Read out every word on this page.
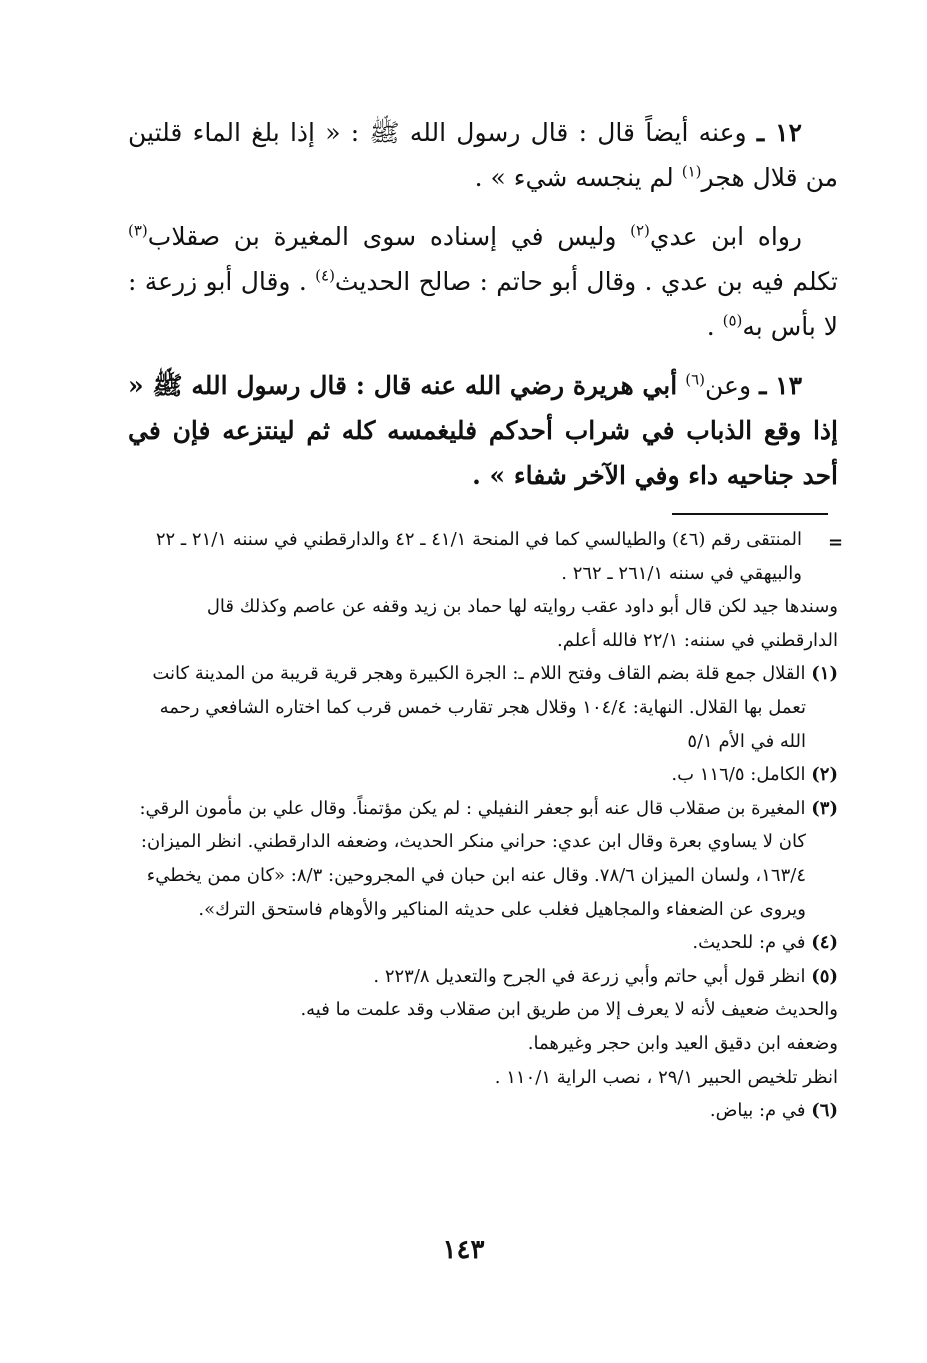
١٢ ـ وعنه أيضاً قال : قال رسول الله ﷺ : « إذا بلغ الماء قلتين من قلال هجر$^{(١)}$ لم ينجسه شيء » .

رواه ابن عدي$^{(٢)}$ وليس في إسناده سوى المغيرة بن صقلاب$^{(٣)}$ تكلم فيه بن عدي . وقال أبو حاتم : صالح الحديث$^{(٤)}$ . وقال أبو زرعة : لا بأس به$^{(٥)}$ .

١٣ ـ وعن$^{(٦)}$ أبي هريرة رضي الله عنه قال : قال رسول الله ﷺ « إذا وقع الذباب في شراب أحدكم فليغمسه كله ثم لينتزعه فإن في أحد جناحيه داء وفي الآخر شفاء » .

=

المنتقى رقم (٤٦) والطيالسي كما في المنحة ٤١/١ ـ ٤٢ والدارقطني في سننه ٢١/١ ـ ٢٢ والبيهقي في سننه ٢٦١/١ ـ ٢٦٢ .

وسندها جيد لكن قال أبو داود عقب روايته لها حماد بن زيد وقفه عن عاصم وكذلك قال الدارقطني في سننه: ٢٢/١ فالله أعلم.

(١) القلال جمع قلة بضم القاف وفتح اللام ـ: الجرة الكبيرة وهجر قرية قريبة من المدينة كانت تعمل بها القلال. النهاية: ١٠٤/٤ وقلال هجر تقارب خمس قرب كما اختاره الشافعي رحمه الله في الأم ٥/١

(٢) الكامل: ١١٦/٥ ب.

(٣) المغيرة بن صقلاب قال عنه أبو جعفر النفيلي : لم يكن مؤتمناً. وقال علي بن مأمون الرقي: كان لا يساوي بعرة وقال ابن عدي: حراني منكر الحديث، وضعفه الدارقطني. انظر الميزان: ١٦٣/٤، ولسان الميزان ٧٨/٦. وقال عنه ابن حبان في المجروحين: ٨/٣: «كان ممن يخطيء ويروى عن الضعفاء والمجاهيل فغلب على حديثه المناكير والأوهام فاستحق الترك».

(٤) في م: للحديث.

(٥) انظر قول أبي حاتم وأبي زرعة في الجرح والتعديل ٢٢٣/٨ .

والحديث ضعيف لأنه لا يعرف إلا من طريق ابن صقلاب وقد علمت ما فيه.

وضعفه ابن دقيق العيد وابن حجر وغيرهما.

انظر تلخيص الحبير ٢٩/١ ، نصب الراية ١١٠/١ .

(٦) في م: بياض.

١٤٣
